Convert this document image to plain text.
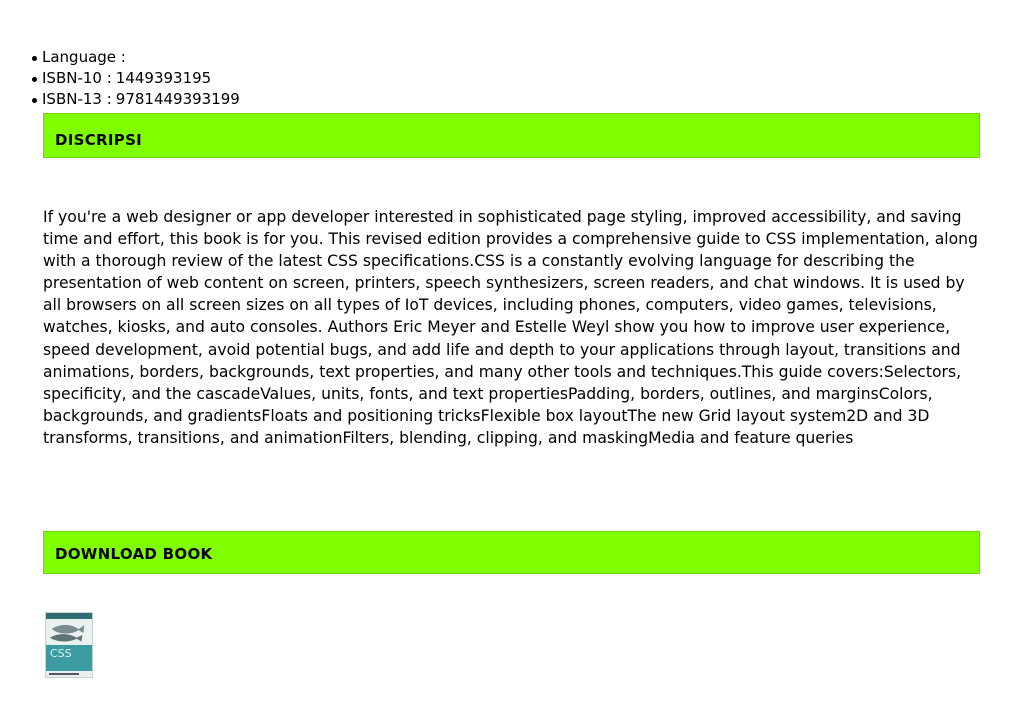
Language :
ISBN-10 : 1449393195
ISBN-13 : 9781449393199
DISCRIPSI

If you're a web designer or app developer interested in sophisticated page styling, improved accessibility, and saving time and effort, this book is for you. This revised edition provides a comprehensive guide to CSS implementation, along with a thorough review of the latest CSS specifications.CSS is a constantly evolving language for describing the presentation of web content on screen, printers, speech synthesizers, screen readers, and chat windows. It is used by all browsers on all screen sizes on all types of IoT devices, including phones, computers, video games, televisions, watches, kiosks, and auto consoles. Authors Eric Meyer and Estelle Weyl show you how to improve user experience, speed development, avoid potential bugs, and add life and depth to your applications through layout, transitions and animations, borders, backgrounds, text properties, and many other tools and techniques.This guide covers:Selectors, specificity, and the cascadeValues, units, fonts, and text propertiesPadding, borders, outlines, and marginsColors, backgrounds, and gradientsFloats and positioning tricksFlexible box layoutThe new Grid layout system2D and 3D transforms, transitions, and animationFilters, blending, clipping, and maskingMedia and feature queries

DOWNLOAD BOOK
CSS
